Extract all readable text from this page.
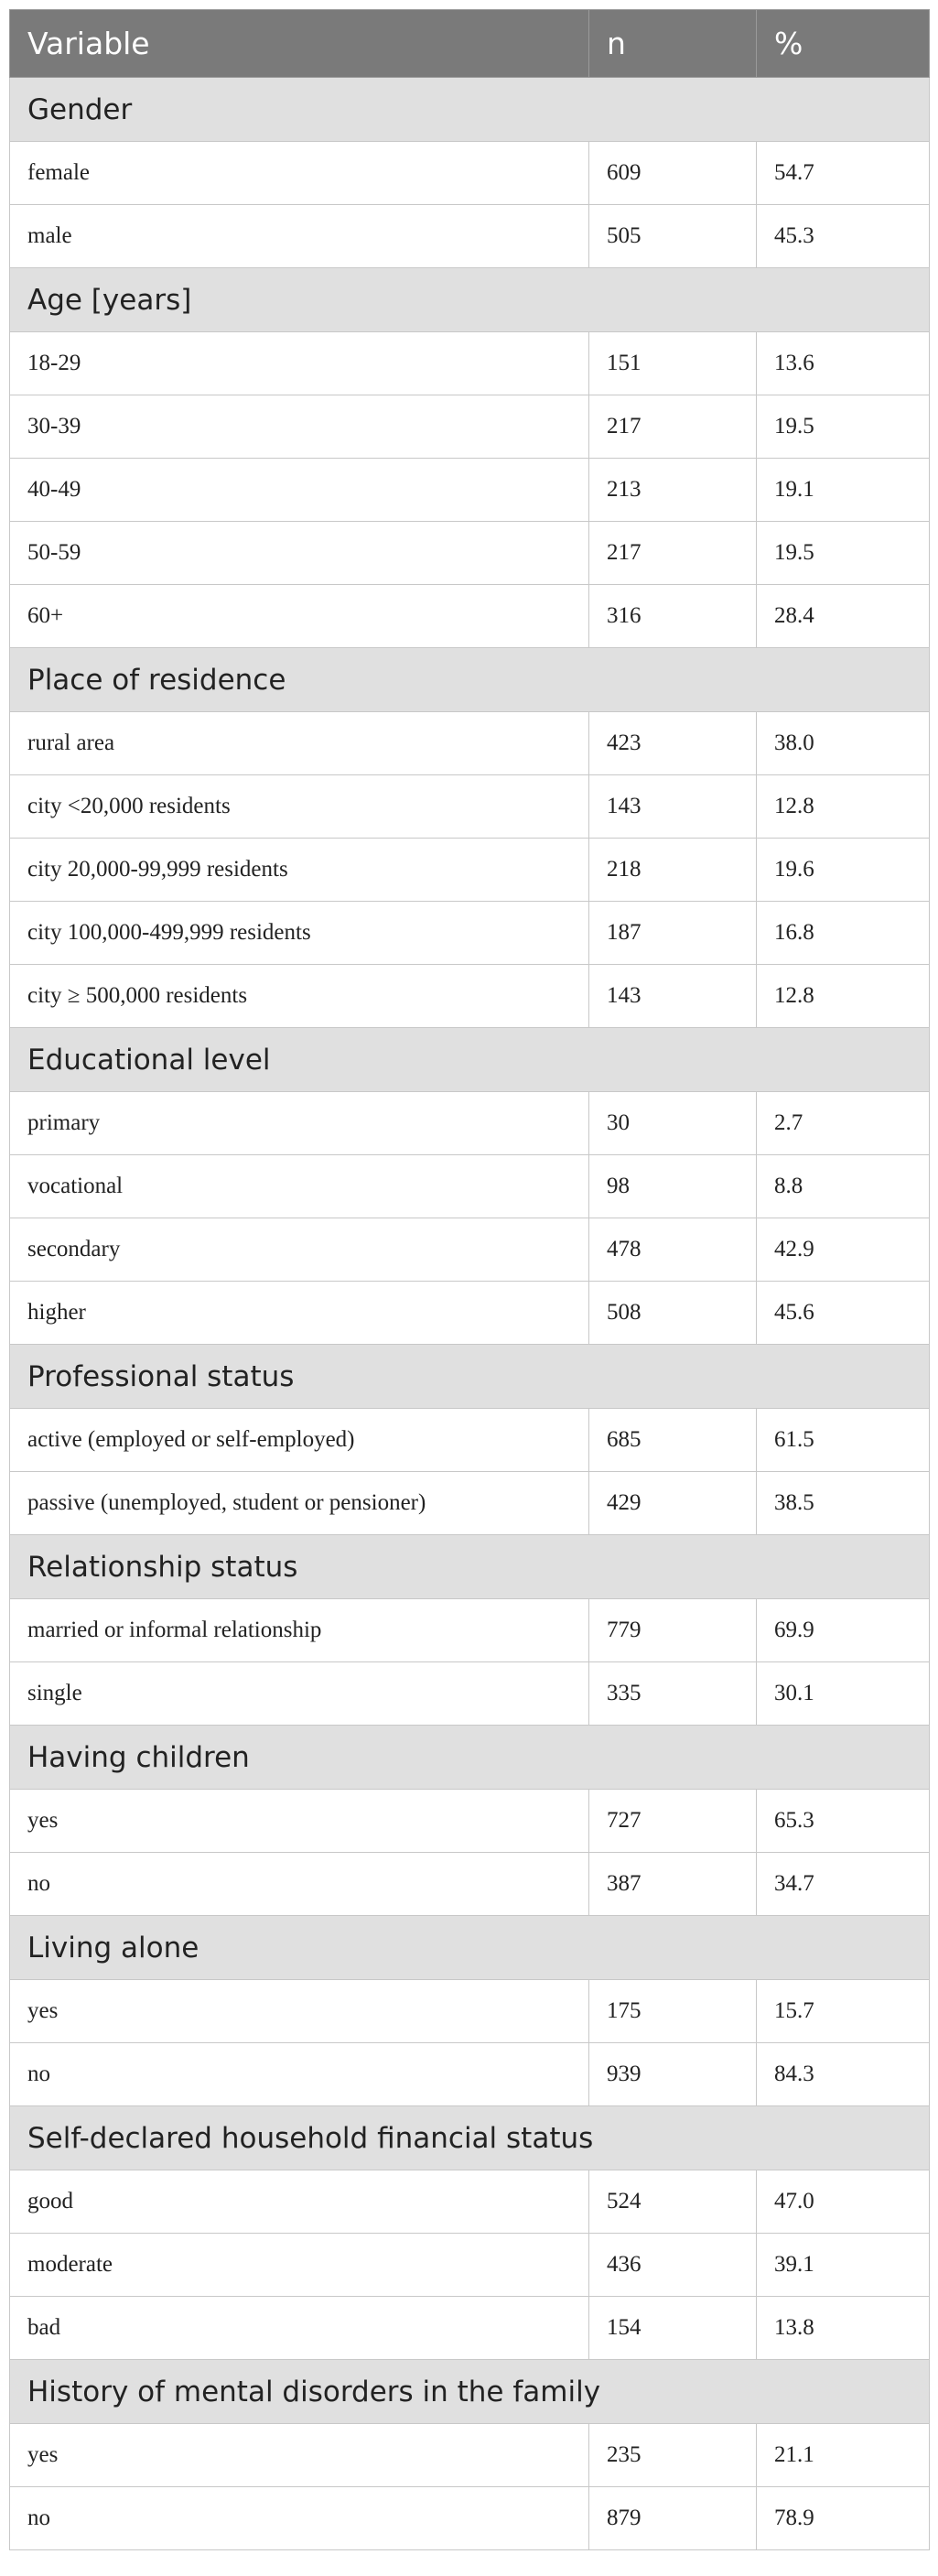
Variable	n	%
Gender		
female	609	54.7
male	505	45.3
Age [years]		
18-29	151	13.6
30-39	217	19.5
40-49	213	19.1
50-59	217	19.5
60+	316	28.4
Place of residence		
rural area	423	38.0
city <20,000 residents	143	12.8
city 20,000-99,999 residents	218	19.6
city 100,000-499,999 residents	187	16.8
city ≥ 500,000 residents	143	12.8
Educational level		
primary	30	2.7
vocational	98	8.8
secondary	478	42.9
higher	508	45.6
Professional status		
active (employed or self-employed)	685	61.5
passive (unemployed, student or pensioner)	429	38.5
Relationship status		
married or informal relationship	779	69.9
single	335	30.1
Having children		
yes	727	65.3
no	387	34.7
Living alone		
yes	175	15.7
no	939	84.3
Self-declared household financial status		
good	524	47.0
moderate	436	39.1
bad	154	13.8
History of mental disorders in the family		
yes	235	21.1
no	879	78.9
